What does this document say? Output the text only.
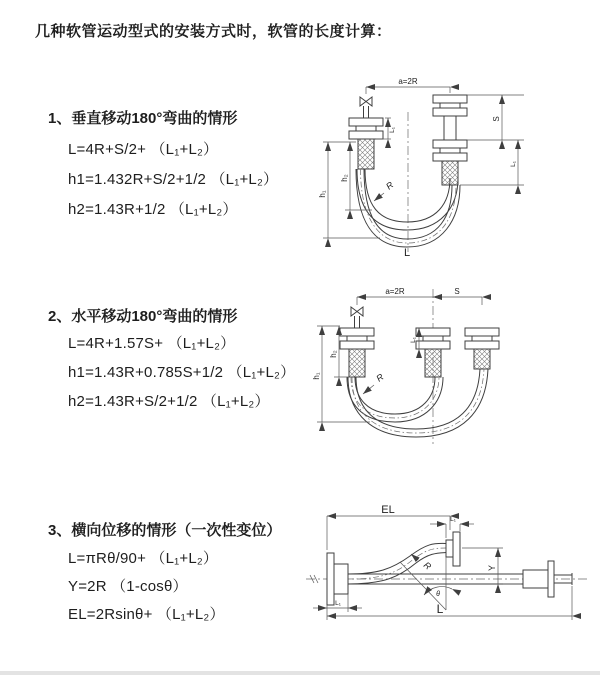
几种软管运动型式的安装方式时，软管的长度计算：
1、垂直移动180°弯曲的情形
L=4R+S/2+ （L₁+L₂）
h1=1.432R+S/2+1/2 （L₁+L₂）
h2=1.43R+1/2 （L₁+L₂）
a=2R
h₁
h₂
S
L₁
L₁
R
L
2、水平移动180°弯曲的情形
L=4R+1.57S+ （L₁+L₂）
h1=1.43R+0.785S+1/2 （L₁+L₂）
h2=1.43R+S/2+1/2 （L₁+L₂）
a=2R	S
h₁
h₂
L₁
R
3、横向位移的情形（一次性变位）
L=πRθ/90+ （L₁+L₂）
Y=2R （1-cosθ）
EL=2Rsinθ+ （L₁+L₂）
EL
L₁
Y
θ
R
L₁	L
